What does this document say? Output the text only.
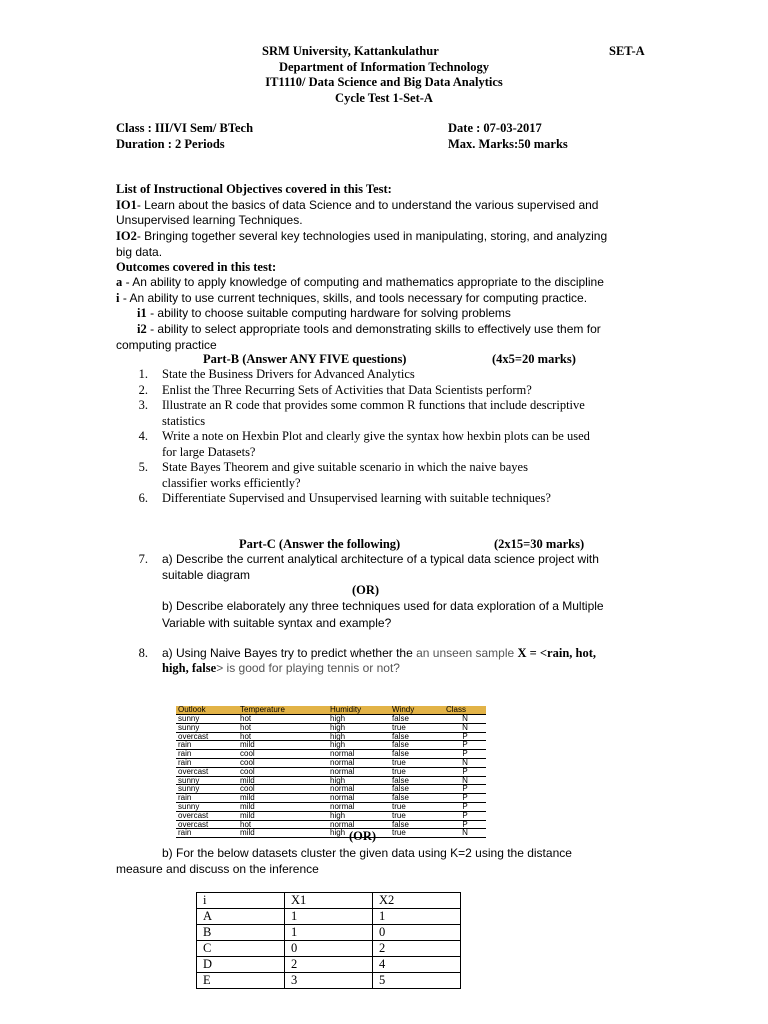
SRM University, Kattankulathur	SET-A
Department of Information Technology
IT1110/ Data Science and Big Data Analytics
Cycle Test 1-Set-A
Class : III/VI Sem/ BTech	Date : 07-03-2017
Duration : 2 Periods	Max. Marks:50 marks
List of Instructional Objectives covered in this Test:
IO1- Learn about the basics of data Science and to understand the various supervised and
Unsupervised learning Techniques.
IO2- Bringing together several key technologies used in manipulating, storing, and analyzing
big data.
Outcomes covered in this test:
a - An ability to apply knowledge of computing and mathematics appropriate to the discipline
i - An ability to use current techniques, skills, and tools necessary for computing practice.
i1 - ability to choose suitable computing hardware for solving problems
i2 - ability to select appropriate tools and demonstrating skills to effectively use them for
computing practice
Part-B (Answer ANY FIVE questions)	(4x5=20 marks)
1. State the Business Drivers for Advanced Analytics
2. Enlist the Three Recurring Sets of Activities that Data Scientists perform?
3. Illustrate an R code that provides some common R functions that include descriptive
statistics
4. Write a note on Hexbin Plot and clearly give the syntax how hexbin plots can be used
for large Datasets?
5. State Bayes Theorem and give suitable scenario in which the naive bayes
classifier works efficiently?
6. Differentiate Supervised and Unsupervised learning with suitable techniques?
Part-C (Answer the following)	(2x15=30 marks)
7. a) Describe the current analytical architecture of a typical data science project with
suitable diagram
(OR)
b) Describe elaborately any three techniques used for data exploration of a Multiple
Variable with suitable syntax and example?
8. a) Using Naive Bayes try to predict whether the an unseen sample X = <rain, hot,
high, false> is good for playing tennis or not?
Outlook	Temperature	Humidity	Windy	Class
sunny	hot	high	false	N
sunny	hot	high	true	N
overcast	hot	high	false	P
rain	mild	high	false	P
rain	cool	normal	false	P
rain	cool	normal	true	N
overcast	cool	normal	true	P
sunny	mild	high	false	N
sunny	cool	normal	false	P
rain	mild	normal	false	P
sunny	mild	normal	true	P
overcast	mild	high	true	P
overcast	hot	normal	false	P
rain	mild	high	true	N
(OR)
b) For the below datasets cluster the given data using K=2 using the distance
measure and discuss on the inference
i	X1	X2
A	1	1
B	1	0
C	0	2
D	2	4
E	3	5
